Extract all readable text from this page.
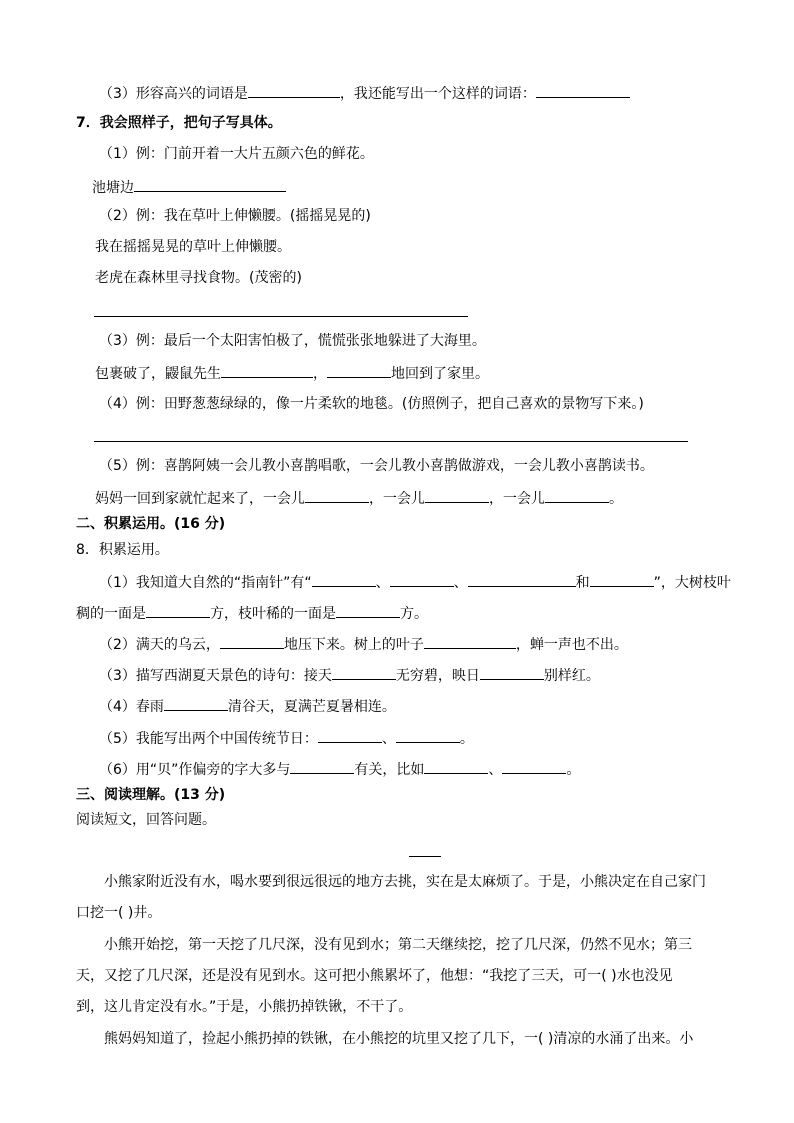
（3）形容高兴的词语是	，我还能写出一个这样的词语：
7．我会照样子，把句子写具体。
（1）例：门前开着一大片五颜六色的鲜花。
池塘边
（2）例：我在草叶上伸懒腰。(摇摇晃晃的)
我在摇摇晃晃的草叶上伸懒腰。
老虎在森林里寻找食物。(茂密的)
（3）例：最后一个太阳害怕极了，慌慌张张地躲进了大海里。
包裹破了，鼹鼠先生	，	地回到了家里。
（4）例：田野葱葱绿绿的，像一片柔软的地毯。(仿照例子，把自己喜欢的景物写下来。)
（5）例：喜鹊阿姨一会儿教小喜鹊唱歌，一会儿教小喜鹊做游戏，一会儿教小喜鹊读书。
妈妈一回到家就忙起来了，一会儿	，一会儿	，一会儿	。
二、积累运用。(16 分)
8．积累运用。
（1）我知道大自然的“指南针”有“	、	、	和	”，大树枝叶
稠的一面是	方，枝叶稀的一面是	方。
（2）满天的乌云，	地压下来。树上的叶子	，蝉一声也不出。
（3）描写西湖夏天景色的诗句：接天	无穷碧，映日	别样红。
（4）春雨	清谷天，夏满芒夏暑相连。
（5）我能写出两个中国传统节日：	、	。
（6）用“贝”作偏旁的字大多与	有关，比如	、	。
三、阅读理解。(13 分)
阅读短文，回答问题。
小熊家附近没有水，喝水要到很远很远的地方去挑，实在是太麻烦了。于是，小熊决定在自己家门
口挖一( )井。
小熊开始挖，第一天挖了几尺深，没有见到水；第二天继续挖，挖了几尺深，仍然不见水；第三
天，又挖了几尺深，还是没有见到水。这可把小熊累坏了，他想：“我挖了三天，可一( )水也没见
到，这儿肯定没有水。”于是，小熊扔掉铁锹，不干了。
熊妈妈知道了，捡起小熊扔掉的铁锹，在小熊挖的坑里又挖了几下，一( )清凉的水涌了出来。小
